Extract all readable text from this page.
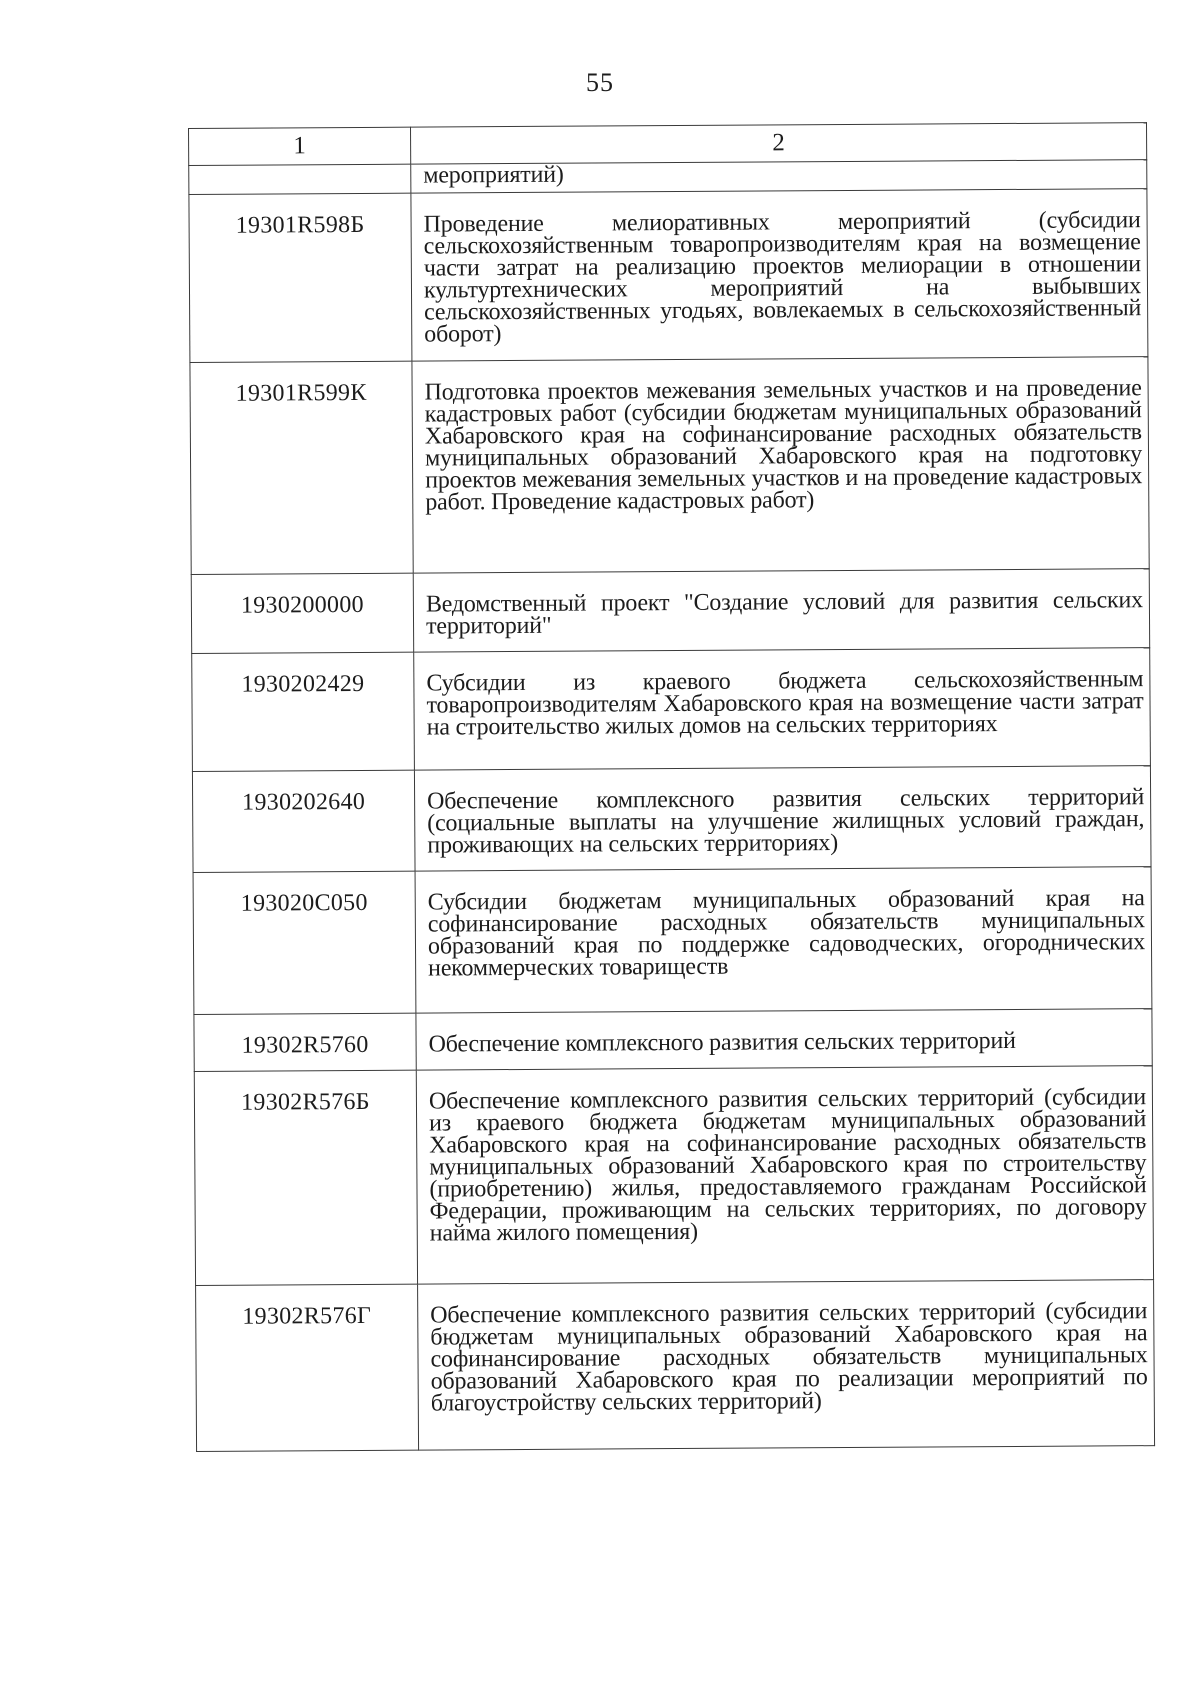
55
1	2
	мероприятий)
19301R598Б	Проведение мелиоративных мероприятий (субсидии сельскохозяйственным товаропроизводителям края на возмещение части затрат на реализацию проектов мелиорации в отношении культуртехнических мероприятий на выбывших сельскохозяйственных угодьях, вовлекаемых в сельскохозяйственный оборот)
19301R599К	Подготовка проектов межевания земельных участков и на проведение кадастровых работ (субсидии бюджетам муниципальных образований Хабаровского края на софинансирование расходных обязательств муниципальных образований Хабаровского края на подготовку проектов межевания земельных участков и на проведение кадастровых работ. Проведение кадастровых работ)
1930200000	Ведомственный проект "Создание условий для развития сельских территорий"
1930202429	Субсидии из краевого бюджета сельскохозяйственным товаропроизводителям Хабаровского края на возмещение части затрат на строительство жилых домов на сельских территориях
1930202640	Обеспечение комплексного развития сельских территорий (социальные выплаты на улучшение жилищных условий граждан, проживающих на сельских территориях)
193020С050	Субсидии бюджетам муниципальных образований края на софинансирование расходных обязательств муниципальных образований края по поддержке садоводческих, огороднических некоммерческих товариществ
19302R5760	Обеспечение комплексного развития сельских территорий
19302R576Б	Обеспечение комплексного развития сельских территорий (субсидии из краевого бюджета бюджетам муниципальных образований Хабаровского края на софинансирование расходных обязательств муниципальных образований Хабаровского края по строительству (приобретению) жилья, предоставляемого гражданам Российской Федерации, проживающим на сельских территориях, по договору найма жилого помещения)
19302R576Г	Обеспечение комплексного развития сельских территорий (субсидии бюджетам муниципальных образований Хабаровского края на софинансирование расходных обязательств муниципальных образований Хабаровского края по реализации мероприятий по благоустройству сельских территорий)
